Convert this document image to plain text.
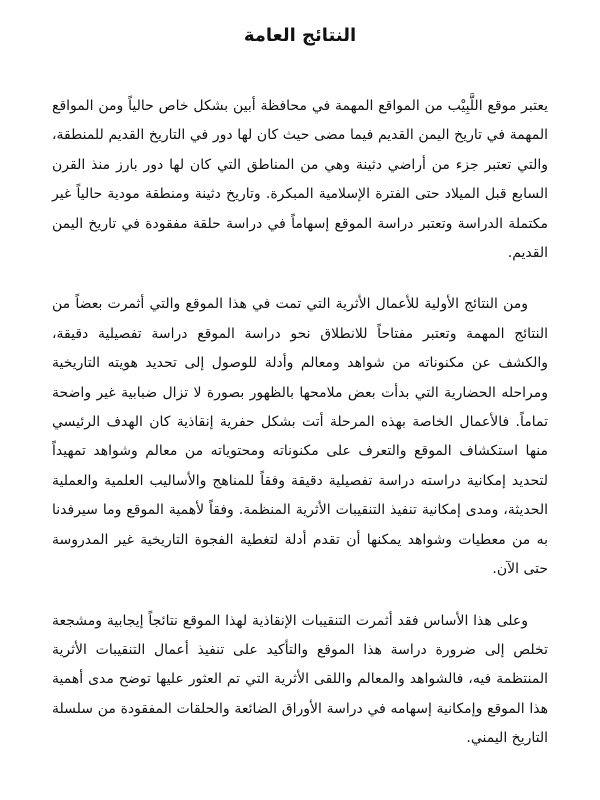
النتائج العامة

يعتبر موقع اللَّبِيْب من المواقع المهمة في محافظة أبين بشكل خاص حالياً ومن المواقع المهمة في تاريخ اليمن القديم فيما مضى حيث كان لها دور في التاريخ القديم للمنطقة، والتي تعتبر جزء من أراضي دثينة وهي من المناطق التي كان لها دور بارز منذ القرن السابع قبل الميلاد حتى الفترة الإسلامية المبكرة. وتاريخ دثينة ومنطقة مودية حالياً غير مكتملة الدراسة وتعتبر دراسة الموقع إسهاماً في دراسة حلقة مفقودة في تاريخ اليمن القديم.

ومن النتائج الأولية للأعمال الأثرية التي تمت في هذا الموقع والتي أثمرت بعضاً من النتائج المهمة وتعتبر مفتاحاً للانطلاق نحو دراسة الموقع دراسة تفصيلية دقيقة، والكشف عن مكنوناته من شواهد ومعالم وأدلة للوصول إلى تحديد هويته التاريخية ومراحله الحضارية التي بدأت بعض ملامحها بالظهور بصورة لا تزال ضبابية غير واضحة تماماً. فالأعمال الخاصة بهذه المرحلة أتت بشكل حفرية إنقاذية كان الهدف الرئيسي منها استكشاف الموقع والتعرف على مكنوناته ومحتوياته من معالم وشواهد تمهيداً لتحديد إمكانية دراسته دراسة تفصيلية دقيقة وفقاً للمناهج والأساليب العلمية والعملية الحديثة، ومدى إمكانية تنفيذ التنقيبات الأثرية المنظمة. وفقاً لأهمية الموقع وما سيرفدنا به من معطيات وشواهد يمكنها أن تقدم أدلة لتغطية الفجوة التاريخية غير المدروسة حتى الآن.

وعلى هذا الأساس فقد أثمرت التنقيبات الإنقاذية لهذا الموقع نتائجاً إيجابية ومشجعة تخلص إلى ضرورة دراسة هذا الموقع والتأكيد على تنفيذ أعمال التنقيبات الأثرية المنتظمة فيه، فالشواهد والمعالم واللقى الأثرية التي تم العثور عليها توضح مدى أهمية هذا الموقع وإمكانية إسهامه في دراسة الأوراق الضائعة والحلقات المفقودة من سلسلة التاريخ اليمني.
